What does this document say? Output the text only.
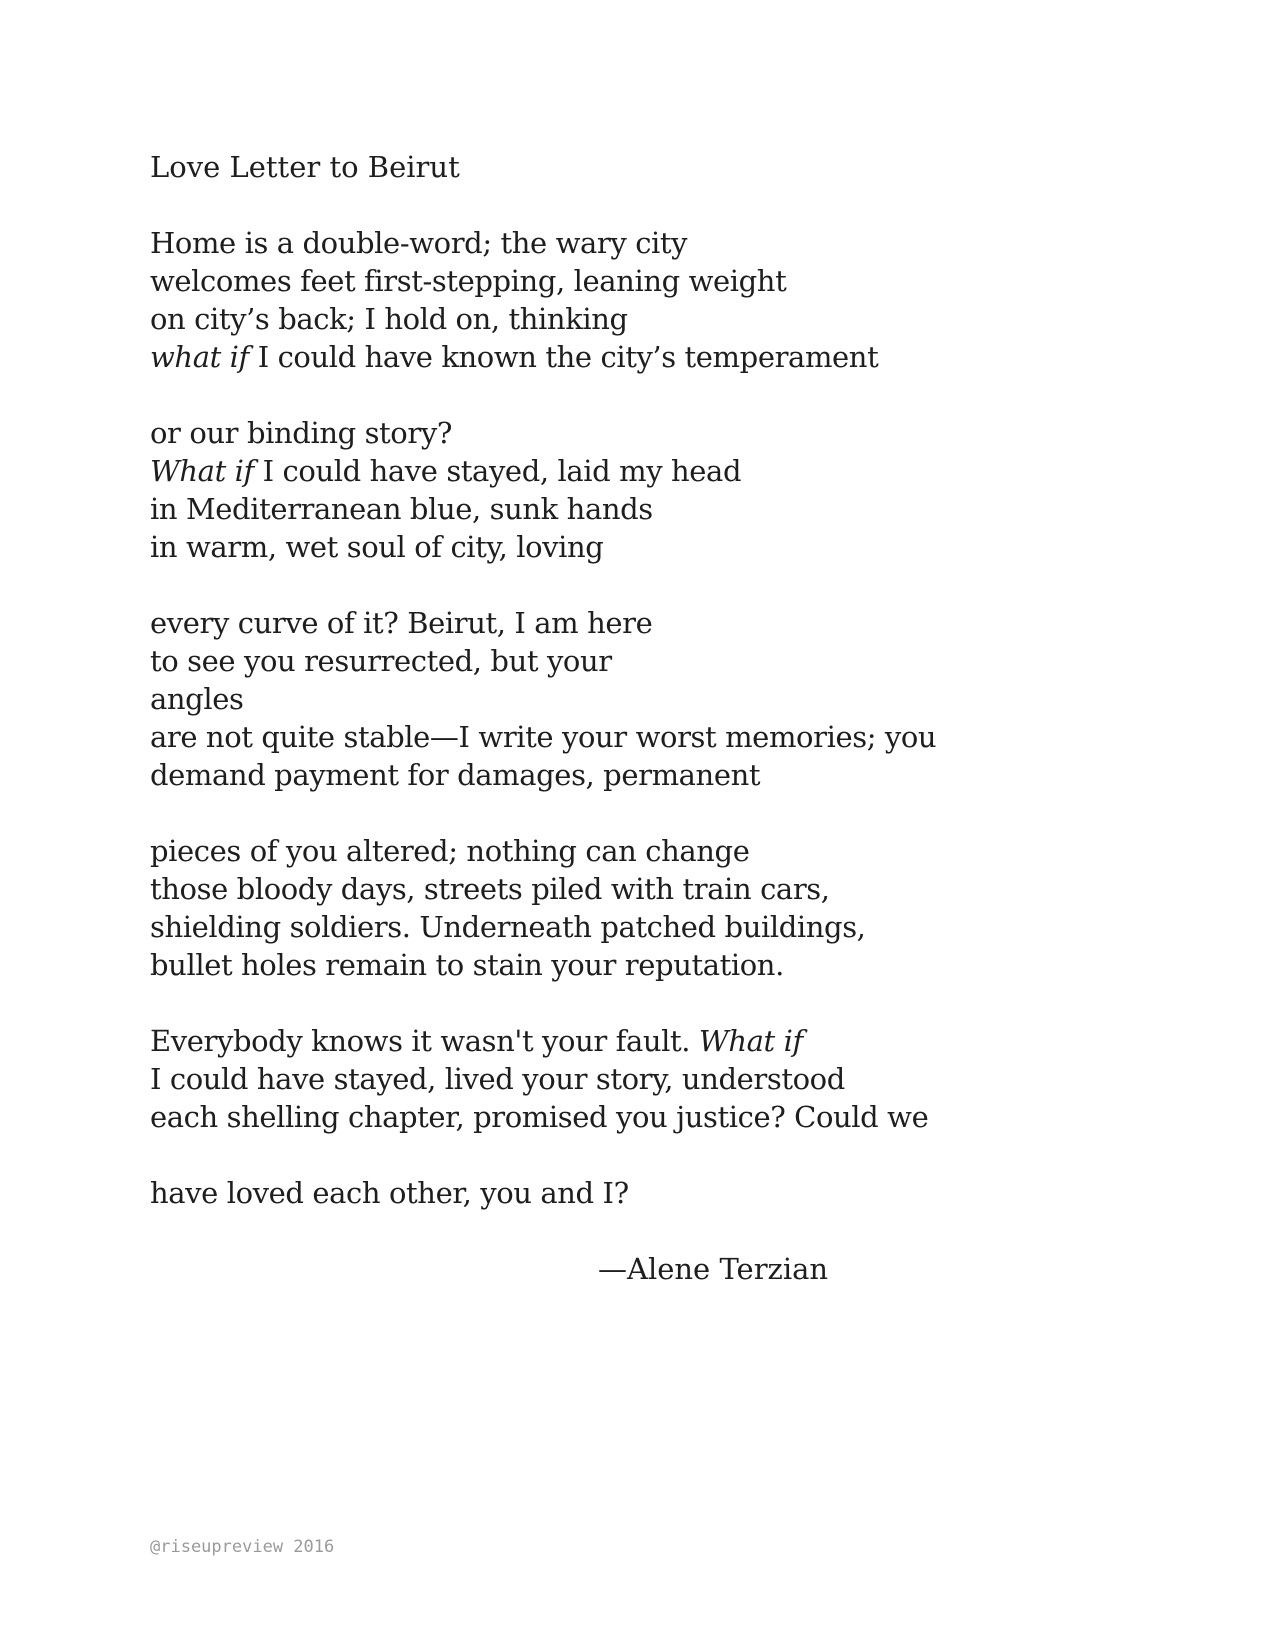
Love Letter to Beirut
Home is a double-word; the wary city
welcomes feet first-stepping, leaning weight
on city’s back; I hold on, thinking
what if I could have known the city’s temperament
or our binding story?
What if I could have stayed, laid my head
in Mediterranean blue, sunk hands
in warm, wet soul of city, loving
every curve of it? Beirut, I am here
to see you resurrected, but your
angles
are not quite stable—I write your worst memories; you
demand payment for damages, permanent
pieces of you altered; nothing can change
those bloody days, streets piled with train cars,
shielding soldiers. Underneath patched buildings,
bullet holes remain to stain your reputation.
Everybody knows it wasn't your fault. What if
I could have stayed, lived your story, understood
each shelling chapter, promised you justice? Could we
have loved each other, you and I?
—Alene Terzian
@riseupreview 2016
